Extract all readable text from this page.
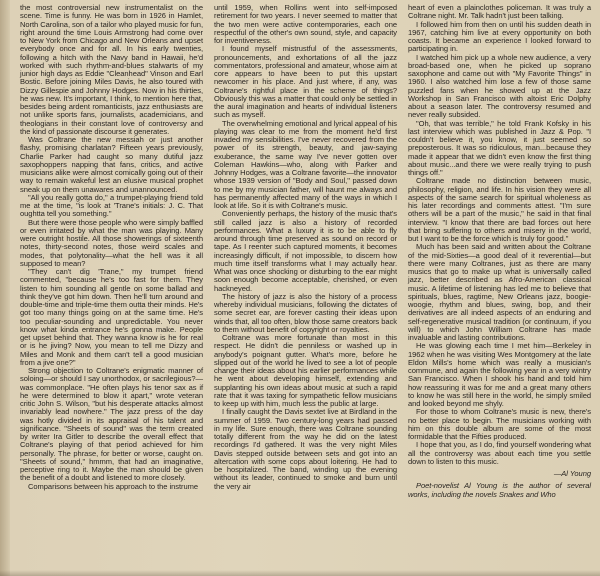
the most controversial new instrumentalist on the scene. Time is funny. He was born in 1926 in Hamlet, North Carolina, son of a tailor who played music for fun, right around the time Louis Armstrong had come over to New York from Chicago and New Orleans and upset everybody once and for all. In his early twenties, following a hitch with the Navy band in Hawaii, he'd worked with such rhythm-and-blues stalwarts of my junior high days as Eddie "Cleanhead" Vinson and Earl Bostic. Before joining Miles Davis, he also toured with Dizzy Gillespie and Johnny Hodges. Now in his thirties, he was new. It's important, I think, to mention here that, besides being ardent romanticists, jazz enthusiasts are not unlike sports fans, journalists, academicians, and theologians in their constant love of controversy and the kind of passionate discourse it generates.

Was Coltrane the new messiah or just another flashy, promising charlatan? Fifteen years previously, Charlie Parker had caught so many dutiful jazz saxophoppers napping that fans, critics, and active musicians alike were almost comically going out of their way to remain wakeful lest an elusive musical prophet sneak up on them unawares and unannounced.

"All you really gotta do," a trumpet-playing friend told me at the time, "is look at 'Trane's initials: J. C. That oughtta tell you something."

But there were those people who were simply baffled or even irritated by what the man was playing. Many were outright hostile. All those showerings of sixteenth notes, thirty-second notes, those weird scales and modes, that polytonality—what the hell was it all supposed to mean?

"They can't dig 'Trane," my trumpet friend commented, "because he's too fast for them. They listen to him sounding all gentle on some ballad and think they've got him down. Then he'll turn around and double-time and triple-time them outta their minds. He's got too many things going on at the same time. He's too peculiar-sounding and unpredictable. You never know what kinda entrance he's gonna make. People get upset behind that. They wanna know is he for real or is he jiving? Now, you mean to tell me Dizzy and Miles and Monk and them can't tell a good musician from a jive one?"

Strong objection to Coltrane's enigmatic manner of soloing—or should I say unorthodox, or sacrilegious?—was commonplace. "He often plays his tenor sax as if he were determined to blow it apart," wrote veteran critic John S. Wilson, "but his desperate attacks almost invariably lead nowhere." The jazz press of the day was hotly divided in its appraisal of his talent and significance. "Sheets of sound" was the term created by writer Ira Gitler to describe the overall effect that Coltrane's playing of that period achieved for him personally. The phrase, for better or worse, caught on. "Sheets of sound," hmmm, that had an imaginative, perceptive ring to it. Maybe the man should be given the benefit of a doubt and listened to more closely.

Comparisons between his approach to the instrume

until 1959, when Rollins went into self-imposed retirement for two years. I never seemed to matter that the two men were active contemporaries, each one respectful of the other's own sound, style, and capacity for inventiveness.

I found myself mistrustful of the assessments, pronouncements, and exhortations of all the jazz commentators, professional and amateur, whose aim at core appears to have been to put this upstart newcomer in his place. And just where, if any, was Coltrane's rightful place in the scheme of things? Obviously this was a matter that could only be settled in the aural imagination and hearts of individual listeners such as myself.

The overwhelming emotional and lyrical appeal of his playing was clear to me from the moment he'd first invaded my sensibilities. I've never recovered from the power of its strength, beauty, and jaw-saying exuberance, the same way I've never gotten over Coleman Hawkins—who, along with Parker and Johnny Hodges, was a Coltrane favorite—the innovator whose 1939 version of "Body and Soul," passed down to me by my musician father, will haunt me always and has permanently affected many of the ways in which I look at life. So it is with Coltrane's music.

Conveniently perhaps, the history of the music that's still called jazz is also a history of recorded performances. What a luxury it is to be able to fly around through time preserved as sound on record or tape. As I reenter such captured moments, it becomes increasingly difficult, if not impossible, to discern how much time itself transforms what I may actually hear. What was once shocking or disturbing to the ear might soon enough become acceptable, cherished, or even hackneyed.

The history of jazz is also the history of a process whereby individual musicians, following the dictates of some secret ear, are forever casting their ideas upon winds that, all too often, blow those same creators back to them without benefit of copyright or royalties.

Coltrane was more fortunate than most in this respect. He didn't die penniless or washed up in anybody's poignant gutter. What's more, before he slipped out of the world he lived to see a lot of people change their ideas about his earlier performances while he went about developing himself, extending and supplanting his own ideas about music at such a rapid rate that it was taxing for sympathetic fellow musicians to keep up with him, much less the public at large.

I finally caught the Davis sextet live at Birdland in the summer of 1959. Two century-long years had passed in my life. Sure enough, there was Coltrane sounding totally different from the way he did on the latest recordings I'd gathered. It was the very night Miles Davis stepped outside between sets and got into an altercation with some cops about loitering. He had to be hospitalized. The band, winding up the evening without its leader, continued to smoke and burn until the very air

heart of even a plainclothes policeman. It was truly a Coltrane night. Mr. Talk hadn't just been talking.

I followed him from then on until his sudden death in 1967, catching him live at every opportunity on both coasts. It became an experience I looked forward to participating in.

I watched him pick up a whole new audience, a very broad-based one, when he picked up soprano saxophone and came out with "My Favorite Things" in 1960. I also watched him lose a few of those same puzzled fans when he showed up at the Jazz Workshop in San Francisco with altoist Eric Dolphy about a season later. The controversy resumed and never really subsided.

"Oh, that was terrible," he told Frank Kofsky in his last interview which was published in Jazz & Pop. "I couldn't believe it, you know, it just seemed so preposterous. It was so ridiculous, man...because they made it appear that we didn't even know the first thing about music...and there we were really trying to push things off."

Coltrane made no distinction between music, philosophy, religion, and life. In his vision they were all aspects of the same search for spiritual wholeness as his later recordings and comments attest. "I'm sure others will be a part of the music," he said in that final interview. "I know that there are bad forces out here that bring suffering to others and misery in the world, but I want to be the force which is truly for good."

Much has been said and written about the Coltrane of the mid-Sixties—a good deal of it reverential—but there were many Coltranes, just as there are many musics that go to make up what is universally called jazz, better described as Afro-American classical music. A lifetime of listening has led me to believe that spirituals, blues, ragtime, New Orleans jazz, boogie-woogie, rhythm and blues, swing, bop, and their derivatives are all indeed aspects of an enduring and self-regenerative musical tradition (or continuum, if you will) to which John William Coltrane has made invaluable and lasting contributions.

He was glowing each time I met him—Berkeley in 1962 when he was visiting Wes Montgomery at the late Eldon Mills's home which was really a musician's commune, and again the following year in a very wintry San Francisco. When I shook his hand and told him how reassuring it was for me and a great many others to know he was still here in the world, he simply smiled and looked beyond me shyly.

For those to whom Coltrane's music is new, there's no better place to begin. The musicians working with him on this double album are some of the most formidable that the Fifties produced.

I hope that you, as I do, find yourself wondering what all the controversy was about each time you settle down to listen to this music.

—Al Young

Poet-novelist Al Young is the author of several works, including the novels Snakes and Who
